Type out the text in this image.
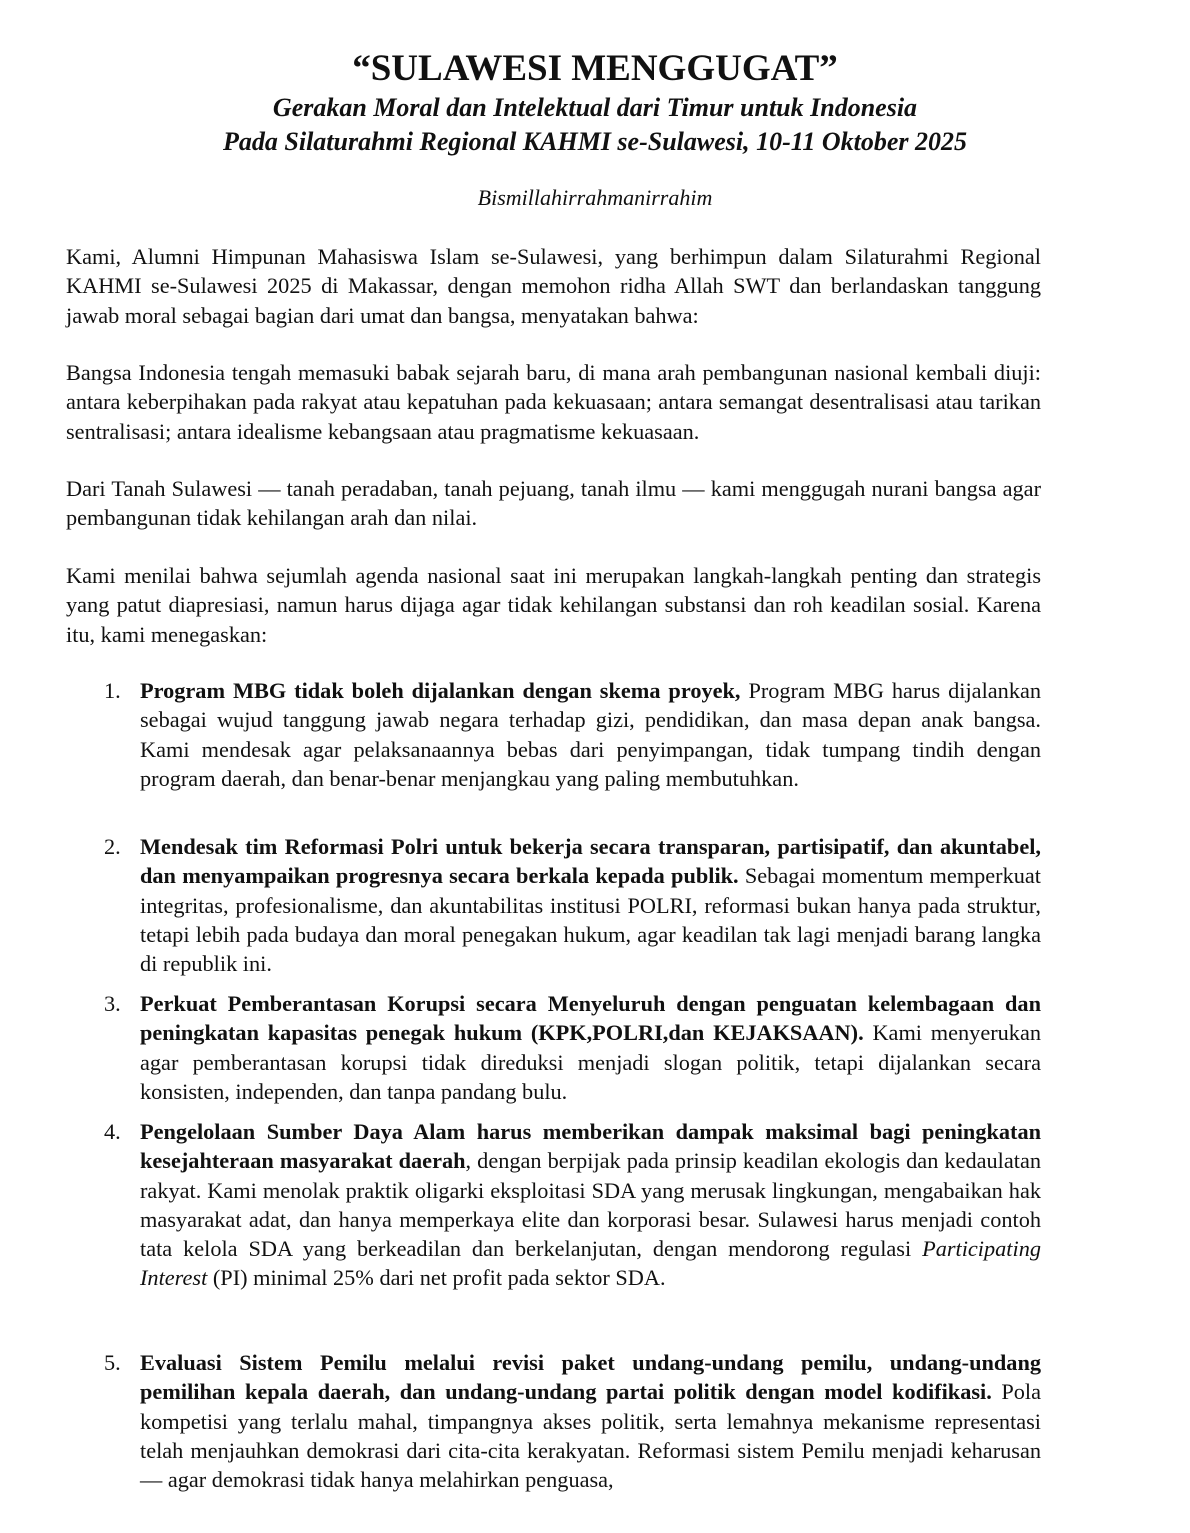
“SULAWESI MENGGUGAT”

Gerakan Moral dan Intelektual dari Timur untuk Indonesia

Pada Silaturahmi Regional KAHMI se-Sulawesi, 10-11 Oktober 2025

Bismillahirrahmanirrahim

Kami, Alumni Himpunan Mahasiswa Islam se-Sulawesi, yang berhimpun dalam Silaturahmi Regional KAHMI se-Sulawesi 2025 di Makassar, dengan memohon ridha Allah SWT dan berlandaskan tanggung jawab moral sebagai bagian dari umat dan bangsa, menyatakan bahwa:

Bangsa Indonesia tengah memasuki babak sejarah baru, di mana arah pembangunan nasional kembali diuji: antara keberpihakan pada rakyat atau kepatuhan pada kekuasaan; antara semangat desentralisasi atau tarikan sentralisasi; antara idealisme kebangsaan atau pragmatisme kekuasaan.

Dari Tanah Sulawesi — tanah peradaban, tanah pejuang, tanah ilmu — kami menggugah nurani bangsa agar pembangunan tidak kehilangan arah dan nilai.

Kami menilai bahwa sejumlah agenda nasional saat ini merupakan langkah-langkah penting dan strategis yang patut diapresiasi, namun harus dijaga agar tidak kehilangan substansi dan roh keadilan sosial. Karena itu, kami menegaskan:

1. Program MBG tidak boleh dijalankan dengan skema proyek, Program MBG harus dijalankan sebagai wujud tanggung jawab negara terhadap gizi, pendidikan, dan masa depan anak bangsa. Kami mendesak agar pelaksanaannya bebas dari penyimpangan, tidak tumpang tindih dengan program daerah, dan benar-benar menjangkau yang paling membutuhkan.
2. Mendesak tim Reformasi Polri untuk bekerja secara transparan, partisipatif, dan akuntabel, dan menyampaikan progresnya secara berkala kepada publik. Sebagai momentum memperkuat integritas, profesionalisme, dan akuntabilitas institusi POLRI, reformasi bukan hanya pada struktur, tetapi lebih pada budaya dan moral penegakan hukum, agar keadilan tak lagi menjadi barang langka di republik ini.
3. Perkuat Pemberantasan Korupsi secara Menyeluruh dengan penguatan kelembagaan dan peningkatan kapasitas penegak hukum (KPK,POLRI,dan KEJAKSAAN). Kami menyerukan agar pemberantasan korupsi tidak direduksi menjadi slogan politik, tetapi dijalankan secara konsisten, independen, dan tanpa pandang bulu.
4. Pengelolaan Sumber Daya Alam harus memberikan dampak maksimal bagi peningkatan kesejahteraan masyarakat daerah, dengan berpijak pada prinsip keadilan ekologis dan kedaulatan rakyat. Kami menolak praktik oligarki eksploitasi SDA yang merusak lingkungan, mengabaikan hak masyarakat adat, dan hanya memperkaya elite dan korporasi besar. Sulawesi harus menjadi contoh tata kelola SDA yang berkeadilan dan berkelanjutan, dengan mendorong regulasi Participating Interest (PI) minimal 25% dari net profit pada sektor SDA.
5. Evaluasi Sistem Pemilu melalui revisi paket undang-undang pemilu, undang-undang pemilihan kepala daerah, dan undang-undang partai politik dengan model kodifikasi. Pola kompetisi yang terlalu mahal, timpangnya akses politik, serta lemahnya mekanisme representasi telah menjauhkan demokrasi dari cita-cita kerakyatan. Reformasi sistem Pemilu menjadi keharusan — agar demokrasi tidak hanya melahirkan penguasa,
